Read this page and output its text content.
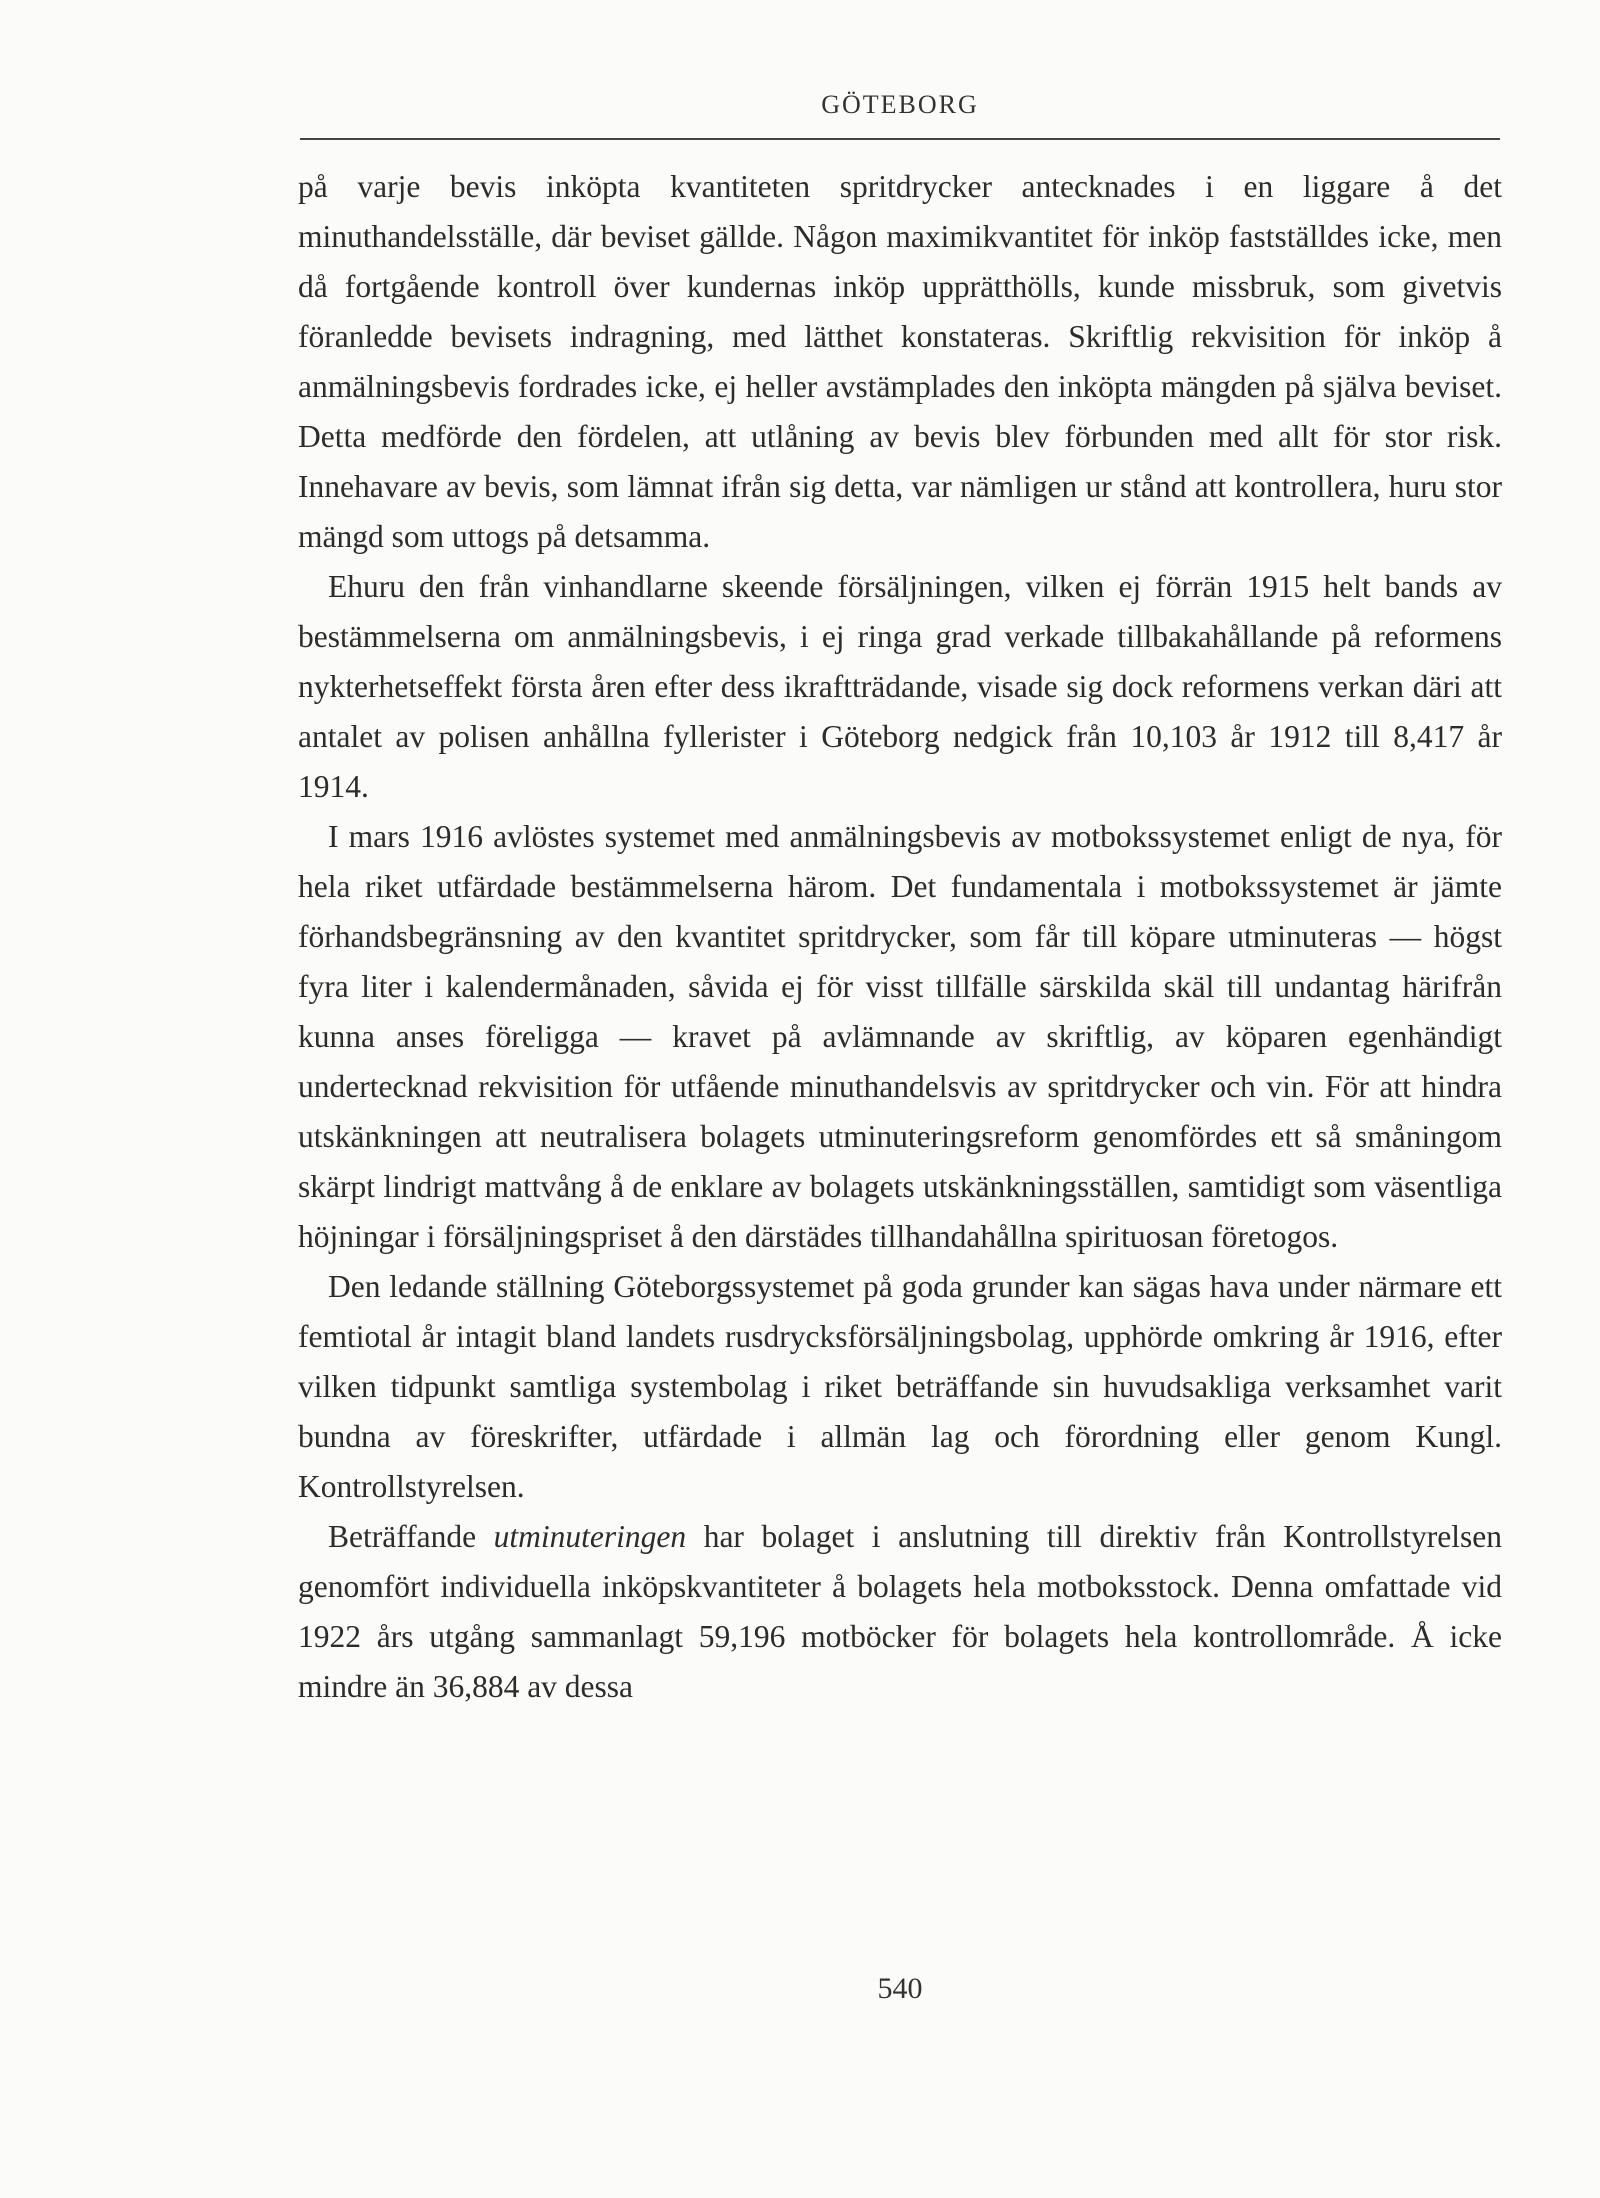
GÖTEBORG

på varje bevis inköpta kvantiteten spritdrycker antecknades i en liggare å det minuthandelsställe, där beviset gällde. Någon maximikvantitet för inköp fastställdes icke, men då fortgående kontroll över kundernas inköp upprätthölls, kunde missbruk, som givetvis föranledde bevisets indragning, med lätthet konstateras. Skriftlig rekvisition för inköp å anmälningsbevis fordrades icke, ej heller avstämplades den inköpta mängden på själva beviset. Detta medförde den fördelen, att utlåning av bevis blev förbunden med allt för stor risk. Innehavare av bevis, som lämnat ifrån sig detta, var nämligen ur stånd att kontrollera, huru stor mängd som uttogs på detsamma.

Ehuru den från vinhandlarne skeende försäljningen, vilken ej förrän 1915 helt bands av bestämmelserna om anmälningsbevis, i ej ringa grad verkade tillbakahållande på reformens nykterhetseffekt första åren efter dess ikraftträdande, visade sig dock reformens verkan däri att antalet av polisen anhållna fyllerister i Göteborg nedgick från 10,103 år 1912 till 8,417 år 1914.

I mars 1916 avlöstes systemet med anmälningsbevis av motbokssystemet enligt de nya, för hela riket utfärdade bestämmelserna härom. Det fundamentala i motbokssystemet är jämte förhandsbegränsning av den kvantitet spritdrycker, som får till köpare utminuteras — högst fyra liter i kalendermånaden, såvida ej för visst tillfälle särskilda skäl till undantag härifrån kunna anses föreligga — kravet på avlämnande av skriftlig, av köparen egenhändigt undertecknad rekvisition för utfående minuthandelsvis av spritdrycker och vin. För att hindra utskänkningen att neutralisera bolagets utminuteringsreform genomfördes ett så småningom skärpt lindrigt mattvång å de enklare av bolagets utskänkningsställen, samtidigt som väsentliga höjningar i försäljningspriset å den därstädes tillhandahållna spirituosan företogos.

Den ledande ställning Göteborgssystemet på goda grunder kan sägas hava under närmare ett femtiotal år intagit bland landets rusdrycksförsäljningsbolag, upphörde omkring år 1916, efter vilken tidpunkt samtliga systembolag i riket beträffande sin huvudsakliga verksamhet varit bundna av föreskrifter, utfärdade i allmän lag och förordning eller genom Kungl. Kontrollstyrelsen.

Beträffande utminuteringen har bolaget i anslutning till direktiv från Kontrollstyrelsen genomfört individuella inköpskvantiteter å bolagets hela motboksstock. Denna omfattade vid 1922 års utgång sammanlagt 59,196 motböcker för bolagets hela kontrollområde. Å icke mindre än 36,884 av dessa

540
